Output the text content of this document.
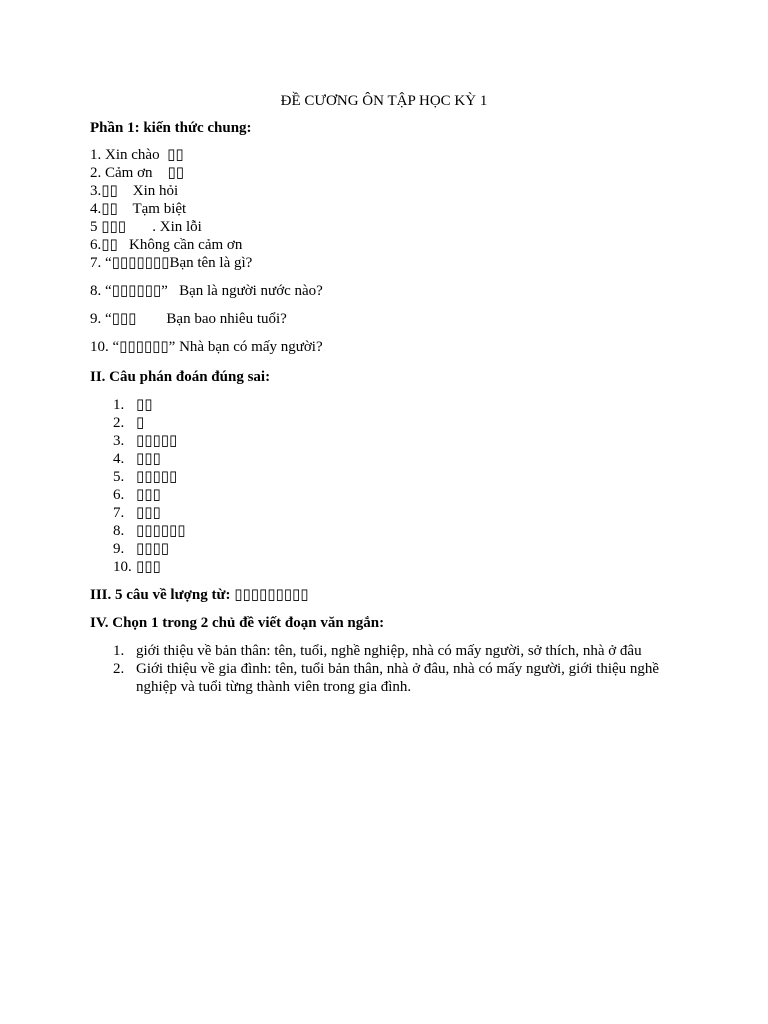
ĐỀ CƯƠNG ÔN TẬP HỌC KỲ 1

Phần 1: kiến thức chung:

1. Xin chào  ▯▯

2. Cảm ơn    ▯▯

3.▯▯    Xin hỏi

4.▯▯    Tạm biệt

5 ▯▯▯       . Xin lỗi

6.▯▯   Không cần cảm ơn

7. “▯▯▯▯▯▯▯Bạn tên là gì?

8. “▯▯▯▯▯▯”   Bạn là người nước nào?

9. “▯▯▯        Bạn bao nhiêu tuổi?

10. “▯▯▯▯▯▯” Nhà bạn có mấy người?

II. Câu phán đoán đúng sai:

1. ▯▯
2. ▯
3. ▯▯▯▯▯
4. ▯▯▯
5. ▯▯▯▯▯
6. ▯▯▯
7. ▯▯▯
8. ▯▯▯▯▯▯
9. ▯▯▯▯
10. ▯▯▯

III. 5 câu về lượng từ: ▯▯▯▯▯▯▯▯▯

IV. Chọn 1 trong 2 chủ đề viết đoạn văn ngắn:

1. giới thiệu về bản thân: tên, tuổi, nghề nghiệp, nhà có mấy người, sở thích, nhà ở đâu
2. Giới thiệu về gia đình: tên, tuổi bản thân, nhà ở đâu, nhà có mấy người, giới thiệu nghề nghiệp và tuổi từng thành viên trong gia đình.
